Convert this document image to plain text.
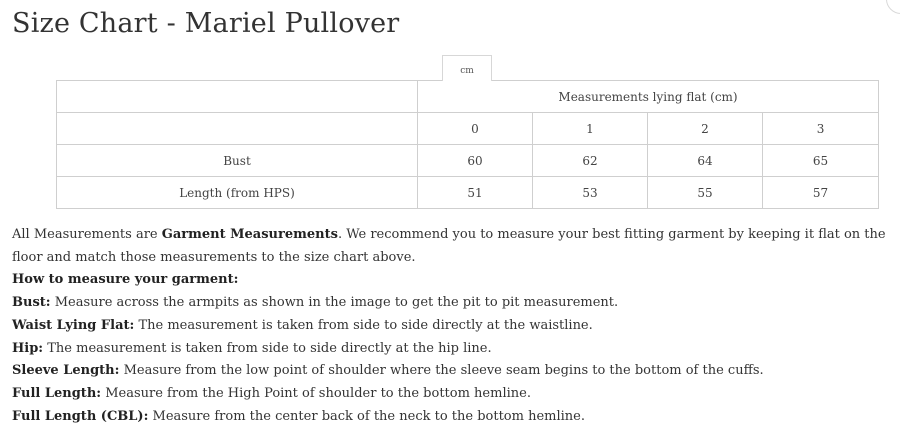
Size Chart - Mariel Pullover
cm
	Measurements lying flat (cm)			
	0	1	2	3
Bust	60	62	64	65
Length (from HPS)	51	53	55	57

All Measurements are Garment Measurements. We recommend you to measure your best fitting garment by keeping it flat on the floor and match those measurements to the size chart above.

How to measure your garment:

Bust: Measure across the armpits as shown in the image to get the pit to pit measurement.

Waist Lying Flat: The measurement is taken from side to side directly at the waistline.

Hip: The measurement is taken from side to side directly at the hip line.

Sleeve Length: Measure from the low point of shoulder where the sleeve seam begins to the bottom of the cuffs.

Full Length: Measure from the High Point of shoulder to the bottom hemline.

Full Length (CBL): Measure from the center back of the neck to the bottom hemline.
